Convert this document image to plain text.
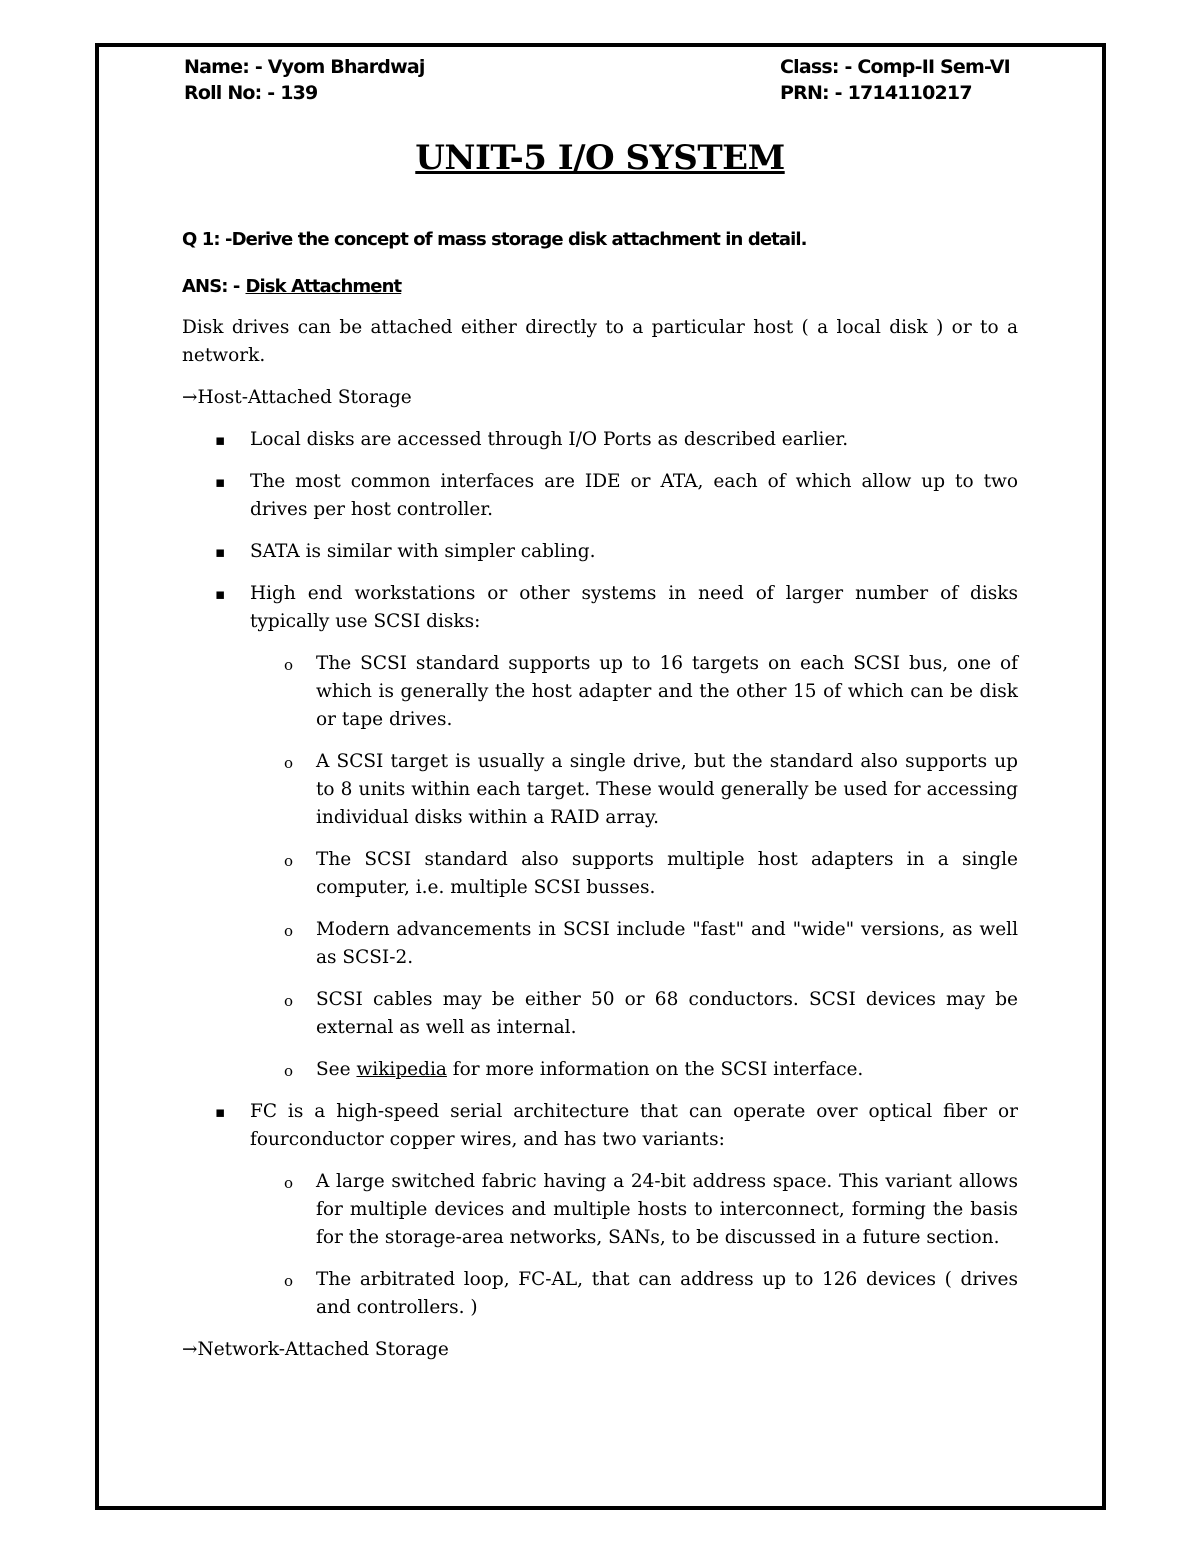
Name: - Vyom Bhardwaj
Roll No: - 139
Class: - Comp-II Sem-VI
PRN: - 1714110217
UNIT-5 I/O SYSTEM

Q 1: -Derive the concept of mass storage disk attachment in detail.

ANS: - Disk Attachment

Disk drives can be attached either directly to a particular host ( a local disk ) or to a network.

→Host-Attached Storage

▪ Local disks are accessed through I/O Ports as described earlier.
▪ The most common interfaces are IDE or ATA, each of which allow up to two drives per host controller.
▪ SATA is similar with simpler cabling.
▪ High end workstations or other systems in need of larger number of disks typically use SCSI disks:
o The SCSI standard supports up to 16 targets on each SCSI bus, one of which is generally the host adapter and the other 15 of which can be disk or tape drives.
o A SCSI target is usually a single drive, but the standard also supports up to 8 units within each target. These would generally be used for accessing individual disks within a RAID array.
o The SCSI standard also supports multiple host adapters in a single computer, i.e. multiple SCSI busses.
o Modern advancements in SCSI include "fast" and "wide" versions, as well as SCSI-2.
o SCSI cables may be either 50 or 68 conductors. SCSI devices may be external as well as internal.
o See wikipedia for more information on the SCSI interface.
▪ FC is a high-speed serial architecture that can operate over optical fiber or fourconductor copper wires, and has two variants:
o A large switched fabric having a 24-bit address space. This variant allows for multiple devices and multiple hosts to interconnect, forming the basis for the storage-area networks, SANs, to be discussed in a future section.
o The arbitrated loop, FC-AL, that can address up to 126 devices ( drives and controllers. )

→Network-Attached Storage
